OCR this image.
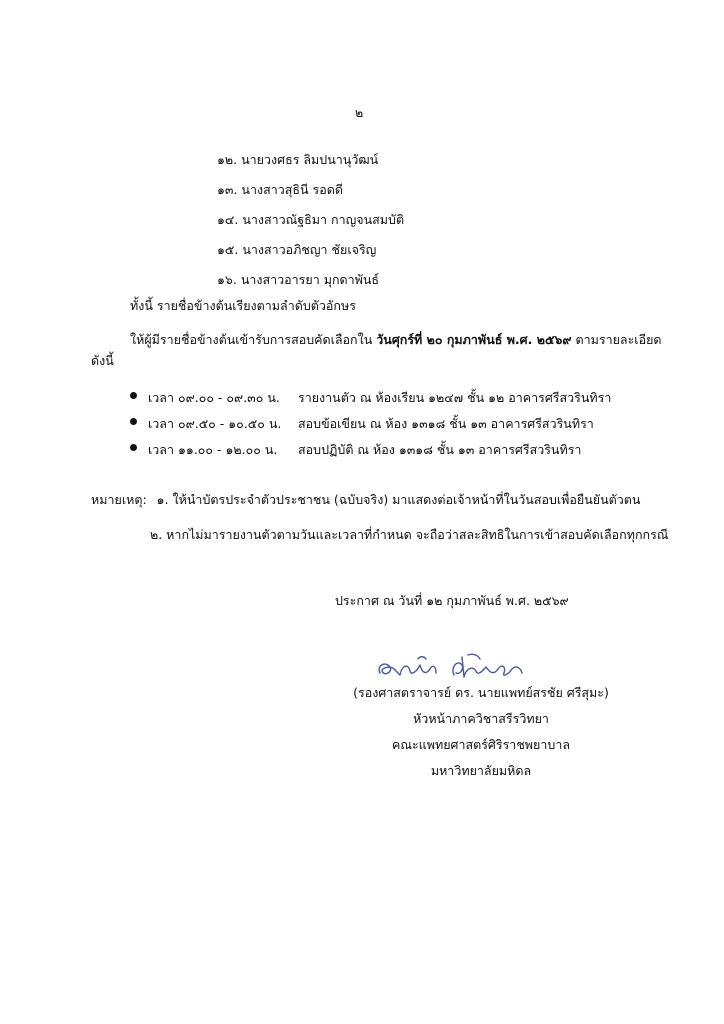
๒
๑๒. นายวงศธร ลิมปนานุวัฒน์
๑๓. นางสาวสุธินี รอดดี
๑๔. นางสาวณัฐธิมา กาญจนสมบัติ
๑๕. นางสาวอภิชญา ชัยเจริญ
๑๖. นางสาวอารยา มุกดาพันธ์
ทั้งนี้ รายชื่อข้างต้นเรียงตามลำดับตัวอักษร
ให้ผู้มีรายชื่อข้างต้นเข้ารับการสอบคัดเลือกใน วันศุกร์ที่ ๒๐ กุมภาพันธ์ พ.ศ. ๒๕๖๙ ตามรายละเอียด
ดังนี้
เวลา ๐๙.๐๐ - ๐๙.๓๐ น. รายงานตัว ณ ห้องเรียน ๑๒๔๗ ชั้น ๑๒ อาคารศรีสวรินทิรา
เวลา ๐๙.๕๐ - ๑๐.๕๐ น. สอบข้อเขียน ณ ห้อง ๑๓๑๘ ชั้น ๑๓ อาคารศรีสวรินทิรา
เวลา ๑๑.๐๐ - ๑๒.๐๐ น. สอบปฏิบัติ ณ ห้อง ๑๓๑๘ ชั้น ๑๓ อาคารศรีสวรินทิรา
หมายเหตุ: ๑. ให้นำบัตรประจำตัวประชาชน (ฉบับจริง) มาแสดงต่อเจ้าหน้าที่ในวันสอบเพื่อยืนยันตัวตน
๒. หากไม่มารายงานตัวตามวันและเวลาที่กำหนด จะถือว่าสละสิทธิในการเข้าสอบคัดเลือกทุกกรณี
ประกาศ ณ วันที่ ๑๒ กุมภาพันธ์ พ.ศ. ๒๕๖๙
(รองศาสตราจารย์ ดร. นายแพทย์สรชัย ศรีสุมะ)
หัวหน้าภาควิชาสรีรวิทยา
คณะแพทยศาสตร์ศิริราชพยาบาล
มหาวิทยาลัยมหิดล
